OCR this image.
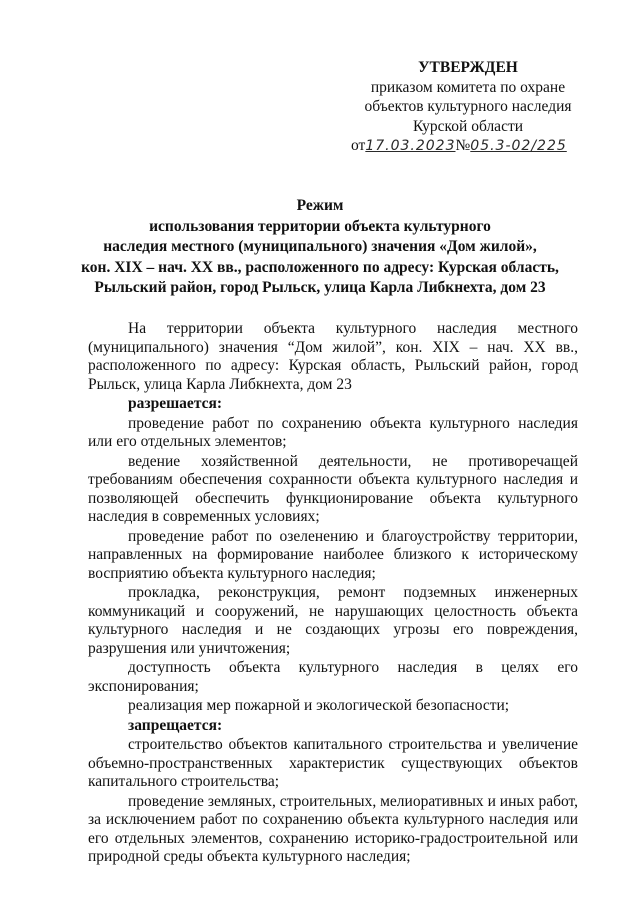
УТВЕРЖДЕН
приказом комитета по охране
объектов культурного наследия
Курской области
от17.03.2023№05.3-02/225
Режим
использования территории объекта культурного
наследия местного (муниципального) значения «Дом жилой»,
кон. XIX – нач. XX вв., расположенного по адресу: Курская область,
Рыльский район, город Рыльск, улица Карла Либкнехта, дом 23

На территории объекта культурного наследия местного (муниципального) значения “Дом жилой”, кон. XIX – нач. XX вв., расположенного по адресу: Курская область, Рыльский район, город Рыльск, улица Карла Либкнехта, дом 23

разрешается:

проведение работ по сохранению объекта культурного наследия или его отдельных элементов;

ведение хозяйственной деятельности, не противоречащей требованиям обеспечения сохранности объекта культурного наследия и позволяющей обеспечить функционирование объекта культурного наследия в современных условиях;

проведение работ по озеленению и благоустройству территории, направленных на формирование наиболее близкого к историческому восприятию объекта культурного наследия;

прокладка, реконструкция, ремонт подземных инженерных коммуникаций и сооружений, не нарушающих целостность объекта культурного наследия и не создающих угрозы его повреждения, разрушения или уничтожения;

доступность объекта культурного наследия в целях его экспонирования;

реализация мер пожарной и экологической безопасности;

запрещается:

строительство объектов капитального строительства и увеличение объемно-пространственных характеристик существующих объектов капитального строительства;

проведение земляных, строительных, мелиоративных и иных работ, за исключением работ по сохранению объекта культурного наследия или его отдельных элементов, сохранению историко-градостроительной или природной среды объекта культурного наследия;
